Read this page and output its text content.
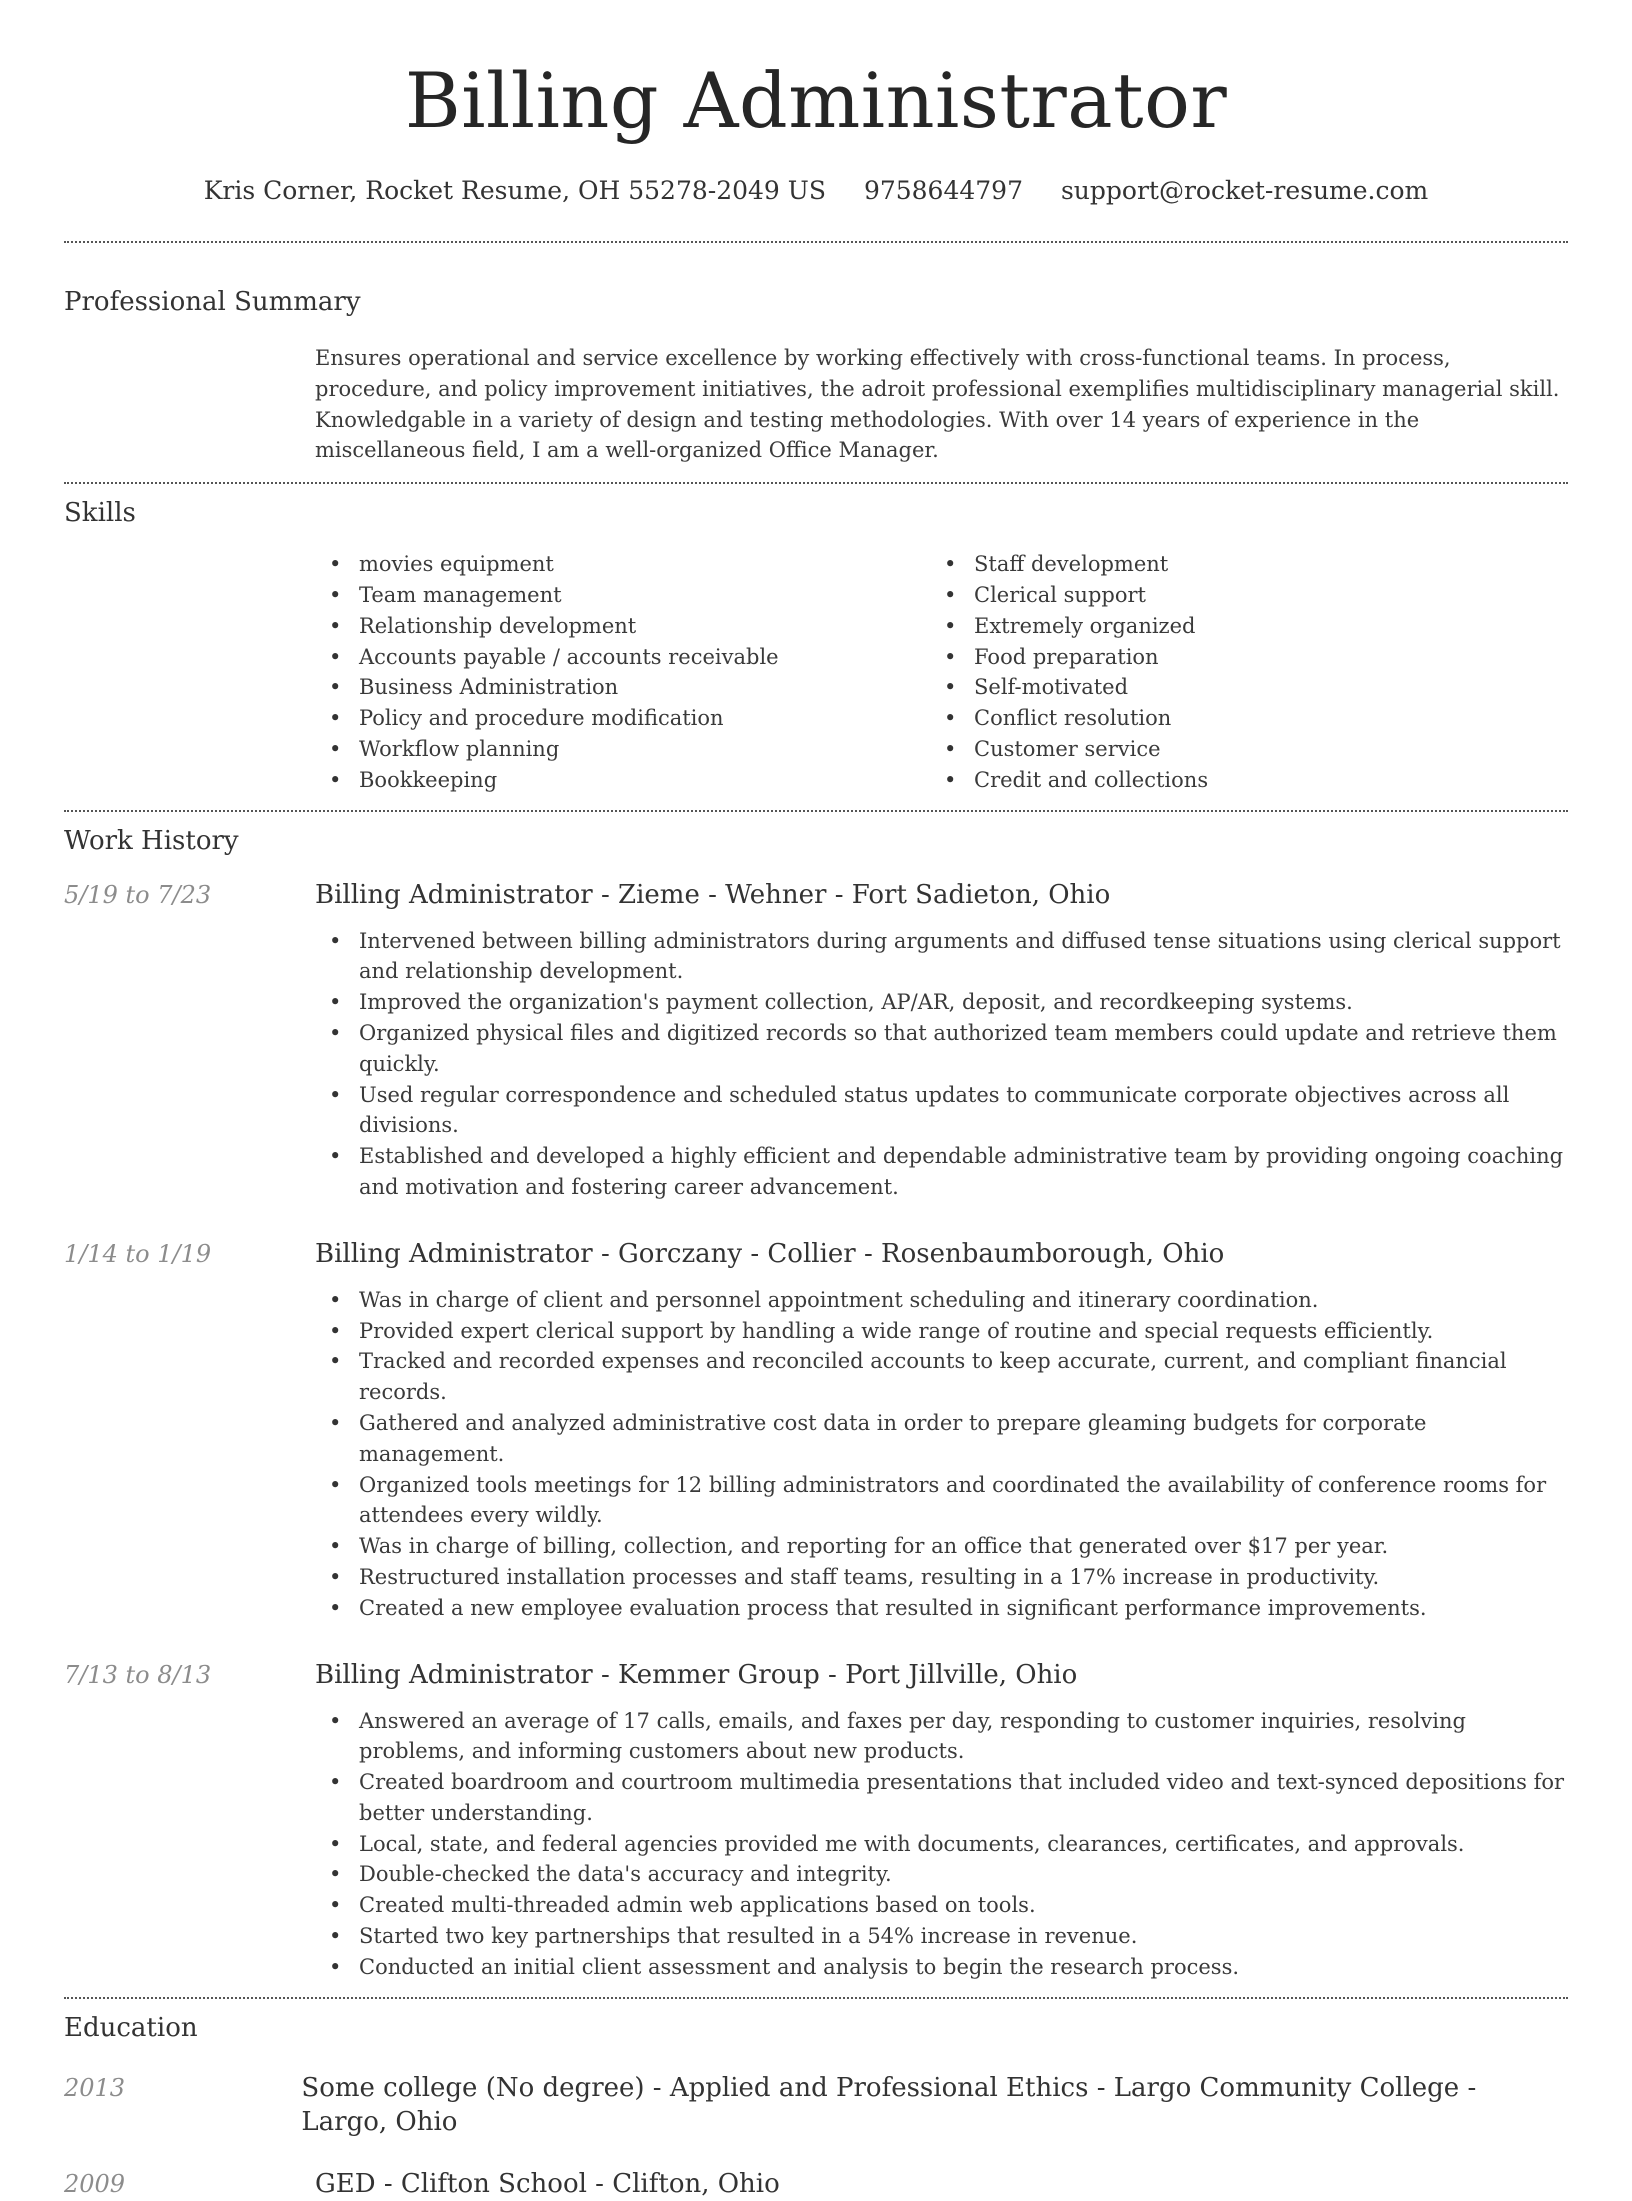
Billing Administrator
Kris Corner, Rocket Resume, OH 55278-2049 US 9758644797 support@rocket-resume.com
Professional Summary
Ensures operational and service excellence by working effectively with cross-functional teams. In process, procedure, and policy improvement initiatives, the adroit professional exemplifies multidisciplinary managerial skill. Knowledgable in a variety of design and testing methodologies. With over 14 years of experience in the miscellaneous field, I am a well-organized Office Manager.
Skills
• movies equipment
• Team management
• Relationship development
• Accounts payable / accounts receivable
• Business Administration
• Policy and procedure modification
• Workflow planning
• Bookkeeping
• Staff development
• Clerical support
• Extremely organized
• Food preparation
• Self-motivated
• Conflict resolution
• Customer service
• Credit and collections
Work History
5/19 to 7/23	Billing Administrator - Zieme - Wehner - Fort Sadieton, Ohio
• Intervened between billing administrators during arguments and diffused tense situations using clerical support and relationship development.
• Improved the organization's payment collection, AP/AR, deposit, and recordkeeping systems.
• Organized physical files and digitized records so that authorized team members could update and retrieve them quickly.
• Used regular correspondence and scheduled status updates to communicate corporate objectives across all divisions.
• Established and developed a highly efficient and dependable administrative team by providing ongoing coaching and motivation and fostering career advancement.
1/14 to 1/19	Billing Administrator - Gorczany - Collier - Rosenbaumborough, Ohio
• Was in charge of client and personnel appointment scheduling and itinerary coordination.
• Provided expert clerical support by handling a wide range of routine and special requests efficiently.
• Tracked and recorded expenses and reconciled accounts to keep accurate, current, and compliant financial records.
• Gathered and analyzed administrative cost data in order to prepare gleaming budgets for corporate management.
• Organized tools meetings for 12 billing administrators and coordinated the availability of conference rooms for attendees every wildly.
• Was in charge of billing, collection, and reporting for an office that generated over $17 per year.
• Restructured installation processes and staff teams, resulting in a 17% increase in productivity.
• Created a new employee evaluation process that resulted in significant performance improvements.
7/13 to 8/13	Billing Administrator - Kemmer Group - Port Jillville, Ohio
• Answered an average of 17 calls, emails, and faxes per day, responding to customer inquiries, resolving problems, and informing customers about new products.
• Created boardroom and courtroom multimedia presentations that included video and text-synced depositions for better understanding.
• Local, state, and federal agencies provided me with documents, clearances, certificates, and approvals.
• Double-checked the data's accuracy and integrity.
• Created multi-threaded admin web applications based on tools.
• Started two key partnerships that resulted in a 54% increase in revenue.
• Conducted an initial client assessment and analysis to begin the research process.
Education
2013	Some college (No degree) - Applied and Professional Ethics - Largo Community College - Largo, Ohio
2009	GED - Clifton School - Clifton, Ohio
